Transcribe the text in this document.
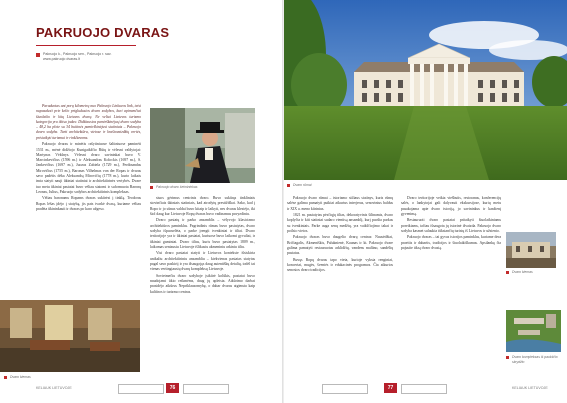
PAKRUOJO DVARAS
Pakruojo k., Pakruojo sen., Pakruojo r. sav. www.pakruojo dvaras.lt

Paraduotas ant porą kilometrų nuo Pakruojo Linkuvos link, teisi nupasakoti prie kelio prigludusios dvaro sodybos, kuri apimenčiai šiuolaiko ir kitų Lietuvos dvarų. Ne veltui Lietuvos turizmo kategorija yra ištisa jodas: Didžiausios pamirškinėjusį dvaro sodyba – 48,2 ha plote su 34 buitinės pamirškinėjusi statiniais – Pakruojo dvaro sodyba. Tarti architektūra, vietose ir kraštovaizdžių vertės, prisiaikyti turizmui ir rinkliavoms.

Pakruojo dvaras ir minėtis rašytiniuose šaltiniuose paminėti 1531 m., mėnė didžiojo Kunigaikščio Rūtų ir vėlesni valdytojai: Martynas Vėkšnys. Vėlesni dvaro savininkai buvo V. Marcinkevičius (1596 m.) ir Aleksandras Kolockis (1697 m.), S. Jankevičius (1697 m.), Juozas Zabiela (1729 m.), Ferdinandas Mirovičius (1755 m.), Baronas Vilhelmas von der Ropas ir dvaras savo padėtis dėka Aleksandrą Mirovičių (1778 m.), kurio laikais imta statyti nauji ūkiniai statiniai ir architektūrinės vertybės. Dvare tuo metu ūkiniai pastatai buvo vėliau statomi ir suformuota Baronų Leonas, Julius, Pakruojo sodybos architektūrinis kompleksas.

Vėliau baronams Ropams dvaras sukūrėsi į tinklą. Teodoras Ropas lėšas įdėjo į statybą, jis pats tvarkė dvarą, kuriame vėliau pradėta ūkininkauti ir dvaras po karo užgeso.

Pakruojo dvaro šeimininkas

siuos gėrimus centrinis dvaro. Buvo sukūręs tinkliniais stovinčiais ūkiniais statiniais, kad atrodytų prestižiškai. Sako, kad į Ropo ir jo sūnus valdai buvo kitaip ir laikyti, nes dvaras klestėjo, iki šiol daug kur Lietuvoje Ropų dvaras buvo vadinamas pavyzdiniu.

Dvaro pastatų ir parko ansamblis – vėlyvojo klasicizmo architektūros paminklas. Pagrindinis rūmas buvo pastatytas, dvaro sodyba išpuoselėta, o parke įrengti tvenkiniai ir tiltai. Dvaro teritorijoje yra ir ūkiniai pastatai, kuriuose buvo laikomi gyvuliai, ir ūkiniai gaminiai. Dvaro tiltas, kuris buvo pastatytas 1809 m., laikomas seniausiu Lietuvoje išlikusiu akmeniniu arkiniu tiltu.

Visi dvaro pastatai statyti ir Lietuvos kontekste išsiskiria unikaliu architektūriniu ansambliu – kiekvienas pastatas statytas pagal savo paskirtį ir yra išsaugojęs daug autentiškų detalių, todėl tai vienas vertingiausių dvarų kompleksų Lietuvoje.

Sovietmečiu dvaro sodyboje įsikūrė kolūkis, pastatai buvo naudojami ūkio reikmėms, daug jų apleista. Atkūrimo darbai prasidėjo atkūrus Nepriklausomybę, o dabar dvaras atgimsta kaip kultūros ir turizmo centras.

Dvaro kiemas
KELIAUK LIETUVOJE	76
Dvaro rūmai

Pakruojo dvaro rūmai – istorizmo stiliaus statinys, kuris rūmų salėse galima pamatyti puikiai atkurtus interjerus, senovinius baldus ir XIX a. meno kūrinius.

1821 m. pastatytas pėsčiųjų tiltas, dekoratyvinis šiltnamis, dvaro koplyčia ir kiti statiniai sudaro vientisą ansamblį, kurį puošia parkas su tvenkiniais. Parke auga senų medžių, yra vaikščiojimo takai ir poilsio vietos.

Pakruojo dvaras buvo daugelio dvarų centras: Nausėdžiai, Bričiagalis, Akmeniškis, Paluknienė, Kaunas ir kt. Pakruojo dvare galima pamatyti restauruotus arklidžių, vandens malūno, sandėlių pastatus.

Buvęs Ropų dvaras tapo vieta, kurioje vyksta renginiai, koncertai, mugės, šventės ir edukacinės programos. Čia atkurtos senosios dvaro tradicijos.

Dvaro teritorijoje veikia viešbutis, restoranas, konferencijų salės, o lankytojai gali dalyvauti ekskursijose, kurių metu pasakojama apie dvaro istoriją, jo savininkus ir kasdienį gyvenimą.

Restauruoti dvaro pastatai pritaikyti šiuolaikiniams poreikiams, tačiau išsaugota jų istorinė išvaizda. Pakruojo dvaro sodyba kasmet sulaukia tūkstančių turistų iš Lietuvos ir užsienio.

Pakruojo dvaras – tai gyvas istorijos paminklas, kuriame dera praeitis ir dabartis, tradicijos ir šiuolaikiškumas. Apsilankę čia pajusite tikrą dvaro dvasią.

Dvaro kiemas
Dvaro kompleksas iš paukščio skrydžio
77	KELIAUK LIETUVOJE
